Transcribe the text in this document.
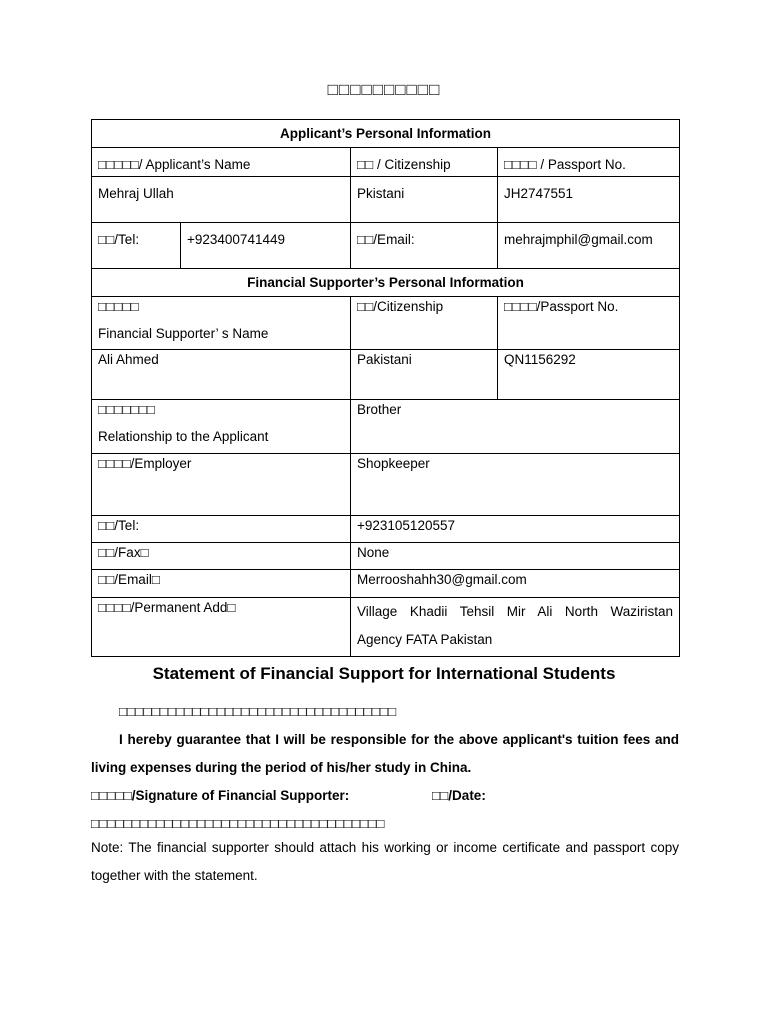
□□□□□□□□□□
Applicant’s Personal Information			

□□□□□/ Applicant’s Name		□□ / Citizenship	□□□□ / Passport No.

Mehraj Ullah		Pkistani	JH2747551

□□/Tel:	+923400741449	□□/Email:	mehrajmphil@gmail.com

Financial Supporter’s Personal Information			

□□□□□
Financial Supporter’ s Name		□□/Citizenship	□□□□/Passport No.

Ali Ahmed		Pakistani	QN1156292

□□□□□□□
Relationship to the Applicant		Brother	

□□□□/Employer		Shopkeeper	

□□/Tel:		+923105120557	

□□/Fax□		None	

□□/Email□		Merrooshahh30@gmail.com	

□□□□/Permanent Add□		Village Khadii Tehsil Mir Ali North Waziristan
Agency FATA Pakistan	
Statement of Financial Support for International Students
□□□□□□□□□□□□□□□□□□□□□□□□□□□□□□□□□□
I hereby guarantee that I will be responsible for the above applicant's tuition fees and living expenses during the period of his/her study in China.
□□□□□/Signature of Financial Supporter:	□□/Date:
□□□□□□□□□□□□□□□□□□□□□□□□□□□□□□□□□□□□
Note: The financial supporter should attach his working or income certificate and passport copy together with the statement.
